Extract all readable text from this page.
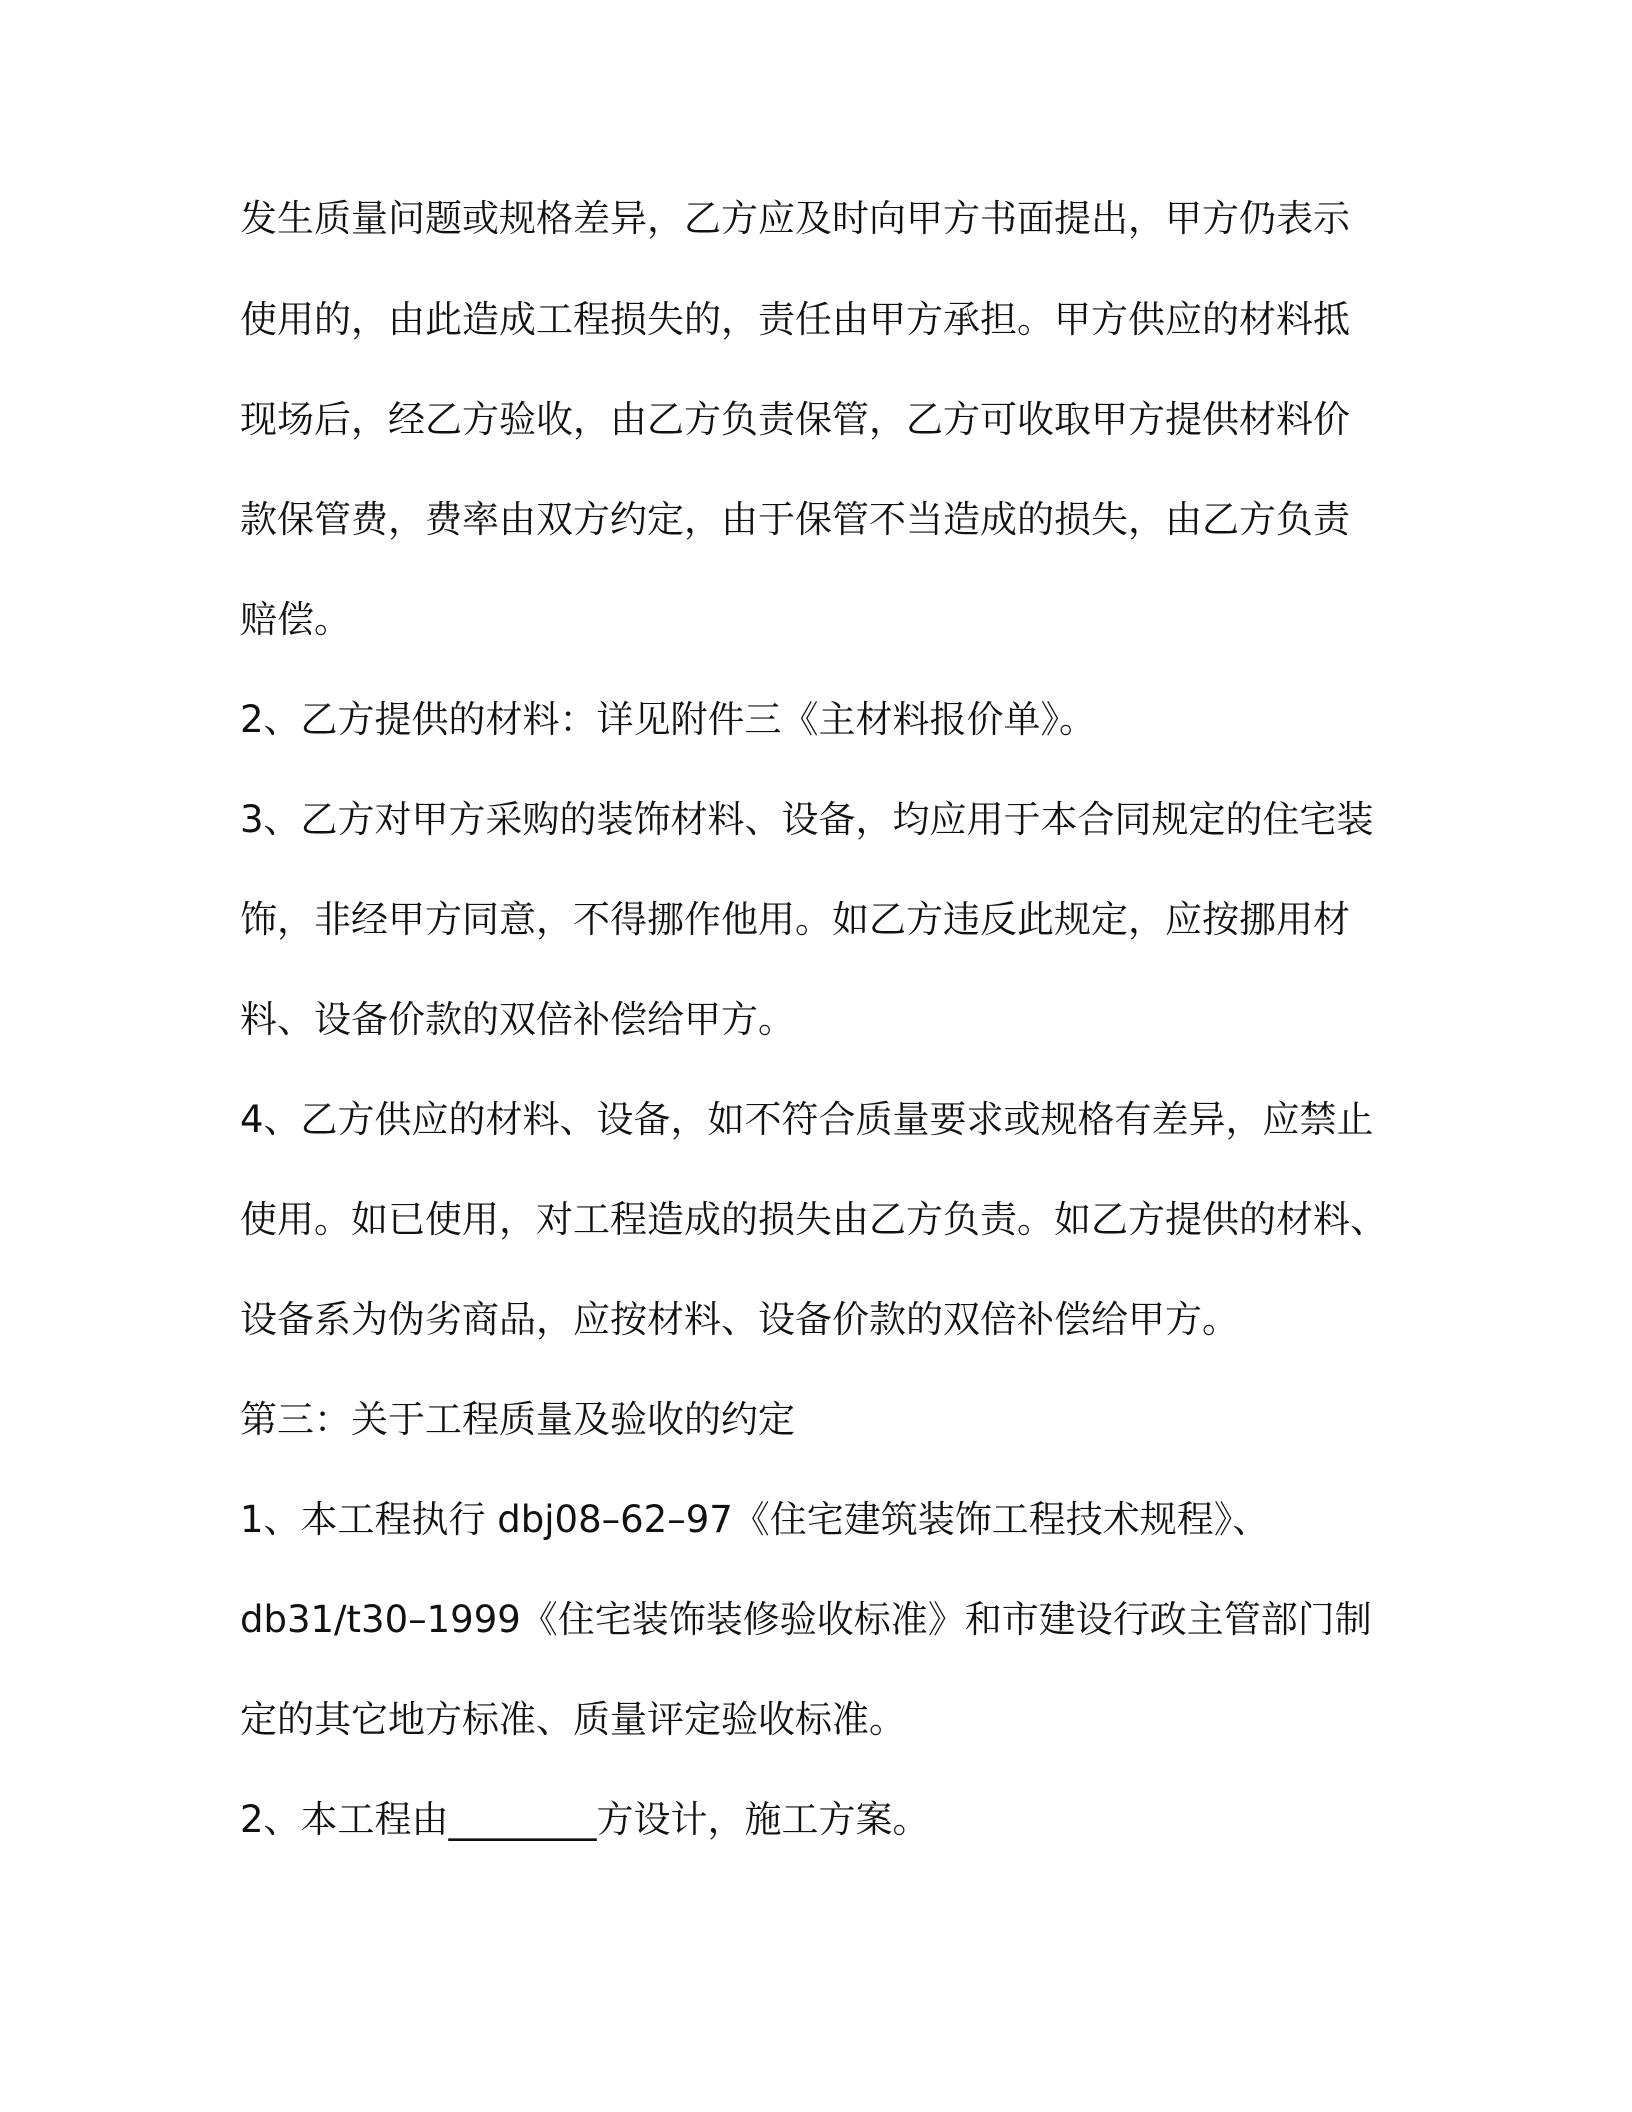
发生质量问题或规格差异，乙方应及时向甲方书面提出，甲方仍表示

使用的，由此造成工程损失的，责任由甲方承担。甲方供应的材料抵

现场后，经乙方验收，由乙方负责保管，乙方可收取甲方提供材料价

款保管费，费率由双方约定，由于保管不当造成的损失，由乙方负责

赔偿。

2、乙方提供的材料：详见附件三《主材料报价单》。

3、乙方对甲方采购的装饰材料、设备，均应用于本合同规定的住宅装

饰，非经甲方同意，不得挪作他用。如乙方违反此规定，应按挪用材

料、设备价款的双倍补偿给甲方。

4、乙方供应的材料、设备，如不符合质量要求或规格有差异，应禁止

使用。如已使用，对工程造成的损失由乙方负责。如乙方提供的材料、

设备系为伪劣商品，应按材料、设备价款的双倍补偿给甲方。

第三：关于工程质量及验收的约定

1、本工程执行 dbj08–62–97《住宅建筑装饰工程技术规程》、

db31/t30–1999《住宅装饰装修验收标准》和市建设行政主管部门制

定的其它地方标准、质量评定验收标准。

2、本工程由________方设计，施工方案。
